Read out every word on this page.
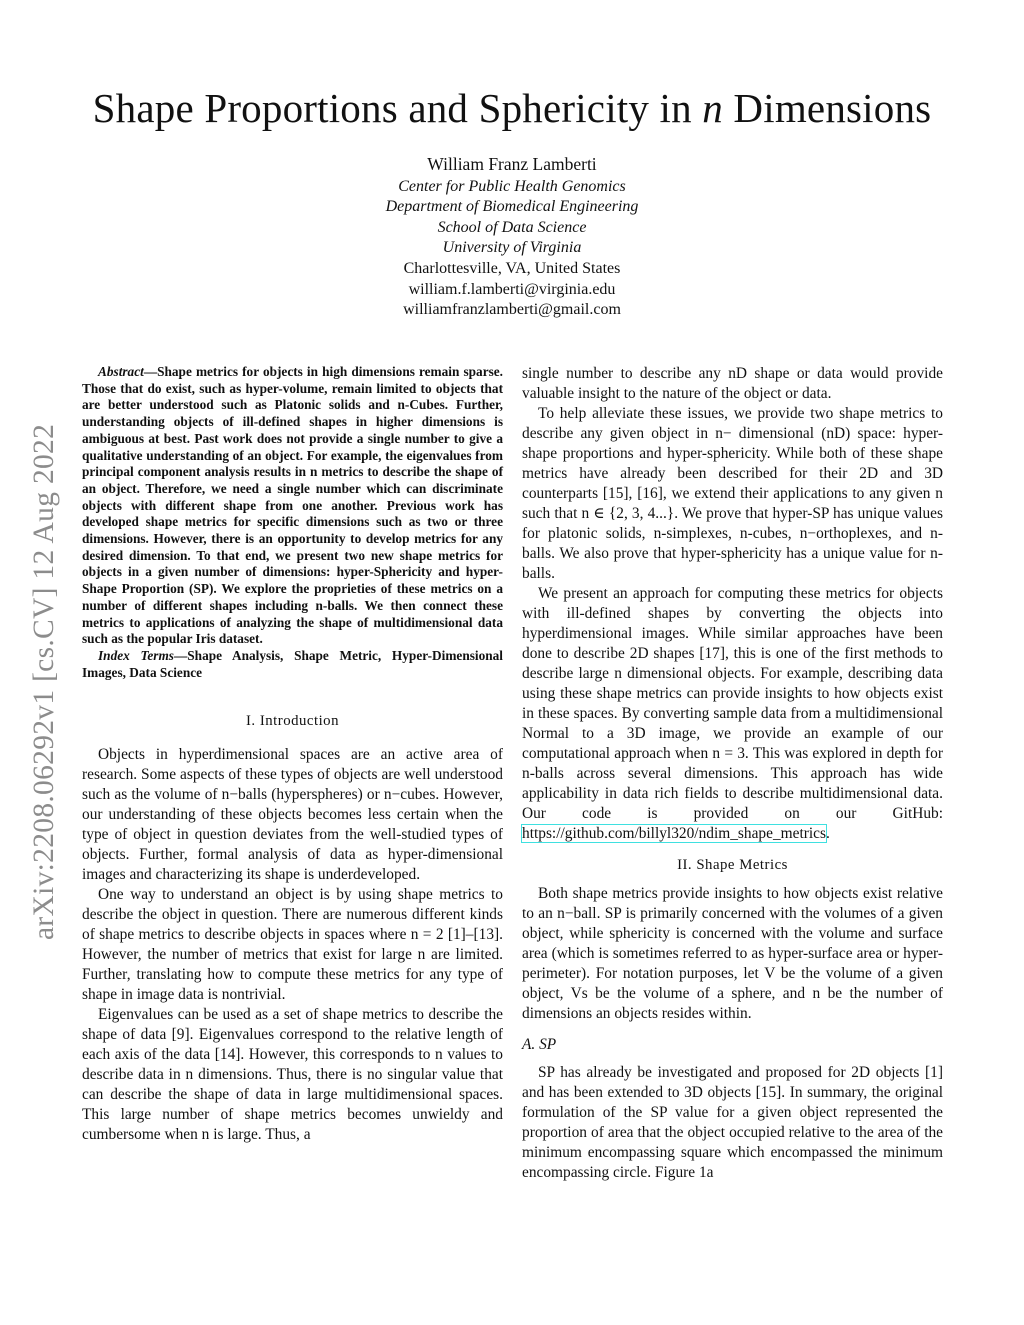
arXiv:2208.06292v1 [cs.CV] 12 Aug 2022
Shape Proportions and Sphericity in n Dimensions
William Franz Lamberti
Center for Public Health Genomics
Department of Biomedical Engineering
School of Data Science
University of Virginia
Charlottesville, VA, United States
william.f.lamberti@virginia.edu
williamfranzlamberti@gmail.com

Abstract—Shape metrics for objects in high dimensions remain sparse. Those that do exist, such as hyper-volume, remain limited to objects that are better understood such as Platonic solids and n-Cubes. Further, understanding objects of ill-defined shapes in higher dimensions is ambiguous at best. Past work does not provide a single number to give a qualitative understanding of an object. For example, the eigenvalues from principal component analysis results in n metrics to describe the shape of an object. Therefore, we need a single number which can discriminate objects with different shape from one another. Previous work has developed shape metrics for specific dimensions such as two or three dimensions. However, there is an opportunity to develop metrics for any desired dimension. To that end, we present two new shape metrics for objects in a given number of dimensions: hyper-Sphericity and hyper-Shape Proportion (SP). We explore the proprieties of these metrics on a number of different shapes including n-balls. We then connect these metrics to applications of analyzing the shape of multidimensional data such as the popular Iris dataset.

Index Terms—Shape Analysis, Shape Metric, Hyper-Dimensional Images, Data Science

I. Introduction

Objects in hyperdimensional spaces are an active area of research. Some aspects of these types of objects are well understood such as the volume of n−balls (hyperspheres) or n−cubes. However, our understanding of these objects becomes less certain when the type of object in question deviates from the well-studied types of objects. Further, formal analysis of data as hyper-dimensional images and characterizing its shape is underdeveloped.

One way to understand an object is by using shape metrics to describe the object in question. There are numerous different kinds of shape metrics to describe objects in spaces where n = 2 [1]–[13]. However, the number of metrics that exist for large n are limited. Further, translating how to compute these metrics for any type of shape in image data is nontrivial.

Eigenvalues can be used as a set of shape metrics to describe the shape of data [9]. Eigenvalues correspond to the relative length of each axis of the data [14]. However, this corresponds to n values to describe data in n dimensions. Thus, there is no singular value that can describe the shape of data in large multidimensional spaces. This large number of shape metrics becomes unwieldy and cumbersome when n is large. Thus, a

single number to describe any nD shape or data would provide valuable insight to the nature of the object or data.

To help alleviate these issues, we provide two shape metrics to describe any given object in n− dimensional (nD) space: hyper-shape proportions and hyper-sphericity. While both of these shape metrics have already been described for their 2D and 3D counterparts [15], [16], we extend their applications to any given n such that n ∈ {2, 3, 4...}. We prove that hyper-SP has unique values for platonic solids, n-simplexes, n-cubes, n−orthoplexes, and n-balls. We also prove that hyper-sphericity has a unique value for n-balls.

We present an approach for computing these metrics for objects with ill-defined shapes by converting the objects into hyperdimensional images. While similar approaches have been done to describe 2D shapes [17], this is one of the first methods to describe large n dimensional objects. For example, describing data using these shape metrics can provide insights to how objects exist in these spaces. By converting sample data from a multidimensional Normal to a 3D image, we provide an example of our computational approach when n = 3. This was explored in depth for n-balls across several dimensions. This approach has wide applicability in data rich fields to describe multidimensional data. Our code is provided on our GitHub: https://github.com/billyl320/ndim_shape_metrics.

II. Shape Metrics

Both shape metrics provide insights to how objects exist relative to an n−ball. SP is primarily concerned with the volumes of a given object, while sphericity is concerned with the volume and surface area (which is sometimes referred to as hyper-surface area or hyper-perimeter). For notation purposes, let V be the volume of a given object, Vs be the volume of a sphere, and n be the number of dimensions an objects resides within.

A. SP

SP has already be investigated and proposed for 2D objects [1] and has been extended to 3D objects [15]. In summary, the original formulation of the SP value for a given object represented the proportion of area that the object occupied relative to the area of the minimum encompassing square which encompassed the minimum encompassing circle. Figure 1a
